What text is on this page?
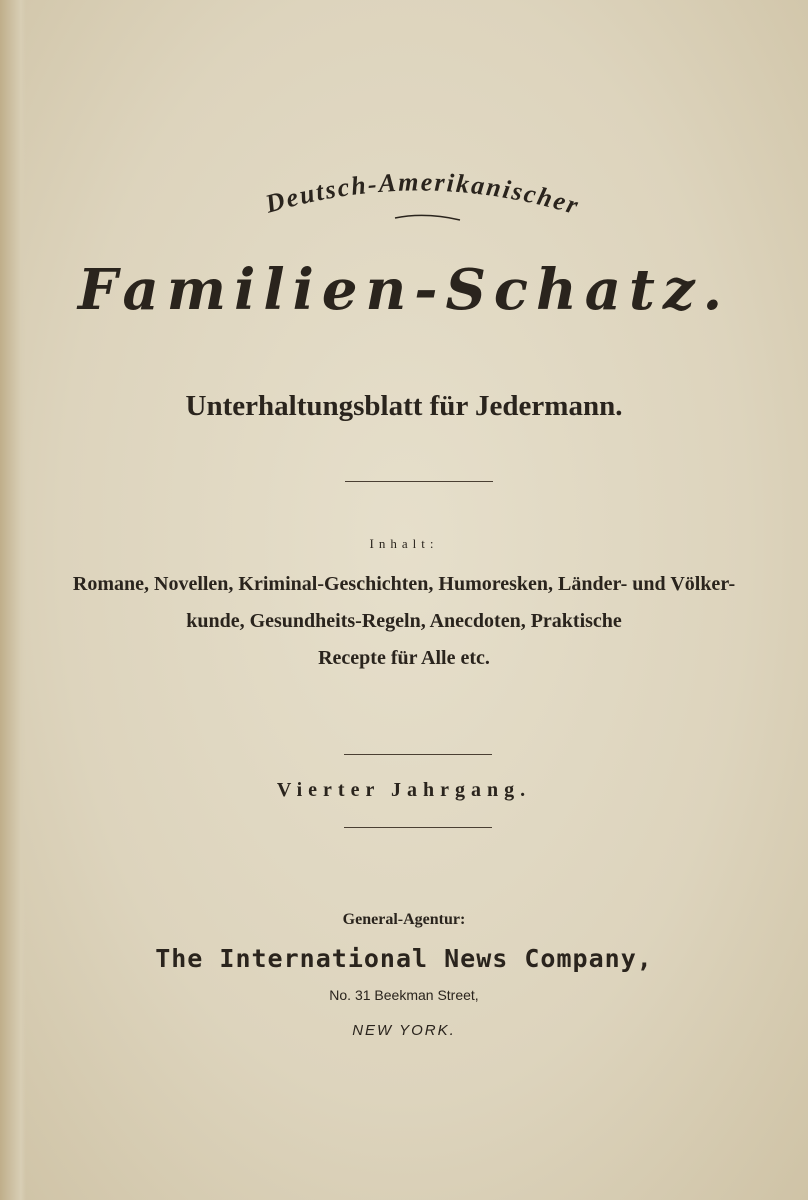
Deutsch-Amerikanischer
Familien-Schatz.
Unterhaltungsblatt für Jedermann.
Inhalt:
Romane, Novellen, Kriminal-Geschichten, Humoresken, Länder- und Völker-
kunde, Gesundheits-Regeln, Anecdoten, Praktische
Recepte für Alle etc.
Vierter Jahrgang.
General-Agentur:
The International News Company,
No. 31 Beekman Street,
NEW YORK.
